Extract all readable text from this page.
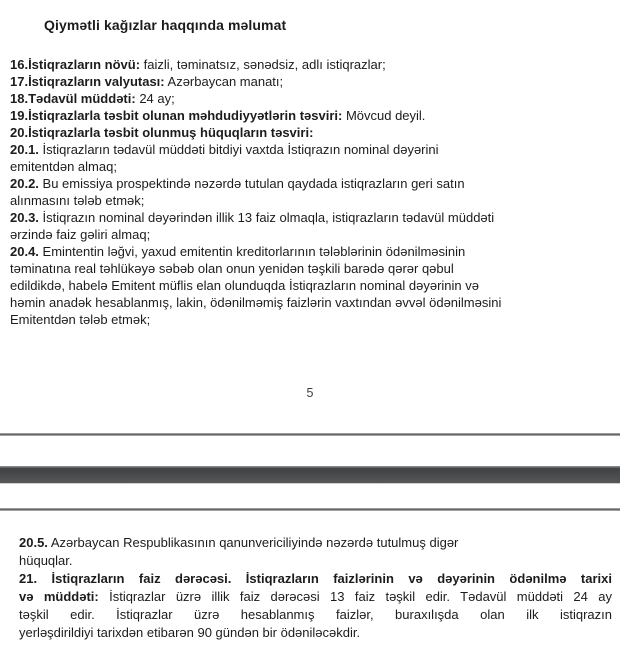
Qiymətli kağızlar haqqında məlumat
16.İstiqrazların növü: faizli, təminatsız, sənədsiz, adlı istiqrazlar;
17.İstiqrazların valyutası: Azərbaycan manatı;
18.Tədavül müddəti: 24 ay;
19.İstiqrazlarla təsbit olunan məhdudiyyətlərin təsviri: Mövcud deyil.
20.İstiqrazlarla təsbit olunmuş hüquqların təsviri:
20.1. İstiqrazların tədavül müddəti bitdiyi vaxtda İstiqrazın nominal dəyərini
emitentdən almaq;
20.2. Bu emissiya prospektində nəzərdə tutulan qaydada istiqrazların geri satın
alınmasını tələb etmək;
20.3. İstiqrazın nominal dəyərindən illik 13 faiz olmaqla, istiqrazların tədavül müddəti
ərzində faiz gəliri almaq;
20.4. Emintentin ləğvi, yaxud emitentin kreditorlarının tələblərinin ödənilməsinin
təminatına real təhlükəyə səbəb olan onun yenidən təşkili barədə qərər qəbul
edildikdə, habelə Emitent müflis elan olunduqda İstiqrazların nominal dəyərinin və
həmin anadək hesablanmış, lakin, ödənilməmiş faizlərin vaxtından əvvəl ödənilməsini
Emitentdən tələb etmək;
5
20.5. Azərbaycan Respublikasının qanunvericiliyində nəzərdə tutulmuş digər
hüquqlar.
21. İstiqrazların faiz dərəcəsi. İstiqrazların faizlərinin və dəyərinin ödənilmə tarixi
və müddəti: İstiqrazlar üzrə illik faiz dərəcəsi 13 faiz təşkil edir. Tədavül müddəti 24 ay
təşkil edir. İstiqrazlar üzrə hesablanmış faizlər, buraxılışda olan ilk istiqrazın
yerləşdirildiyi tarixdən etibarən 90 gündən bir ödəniləcəkdir.
